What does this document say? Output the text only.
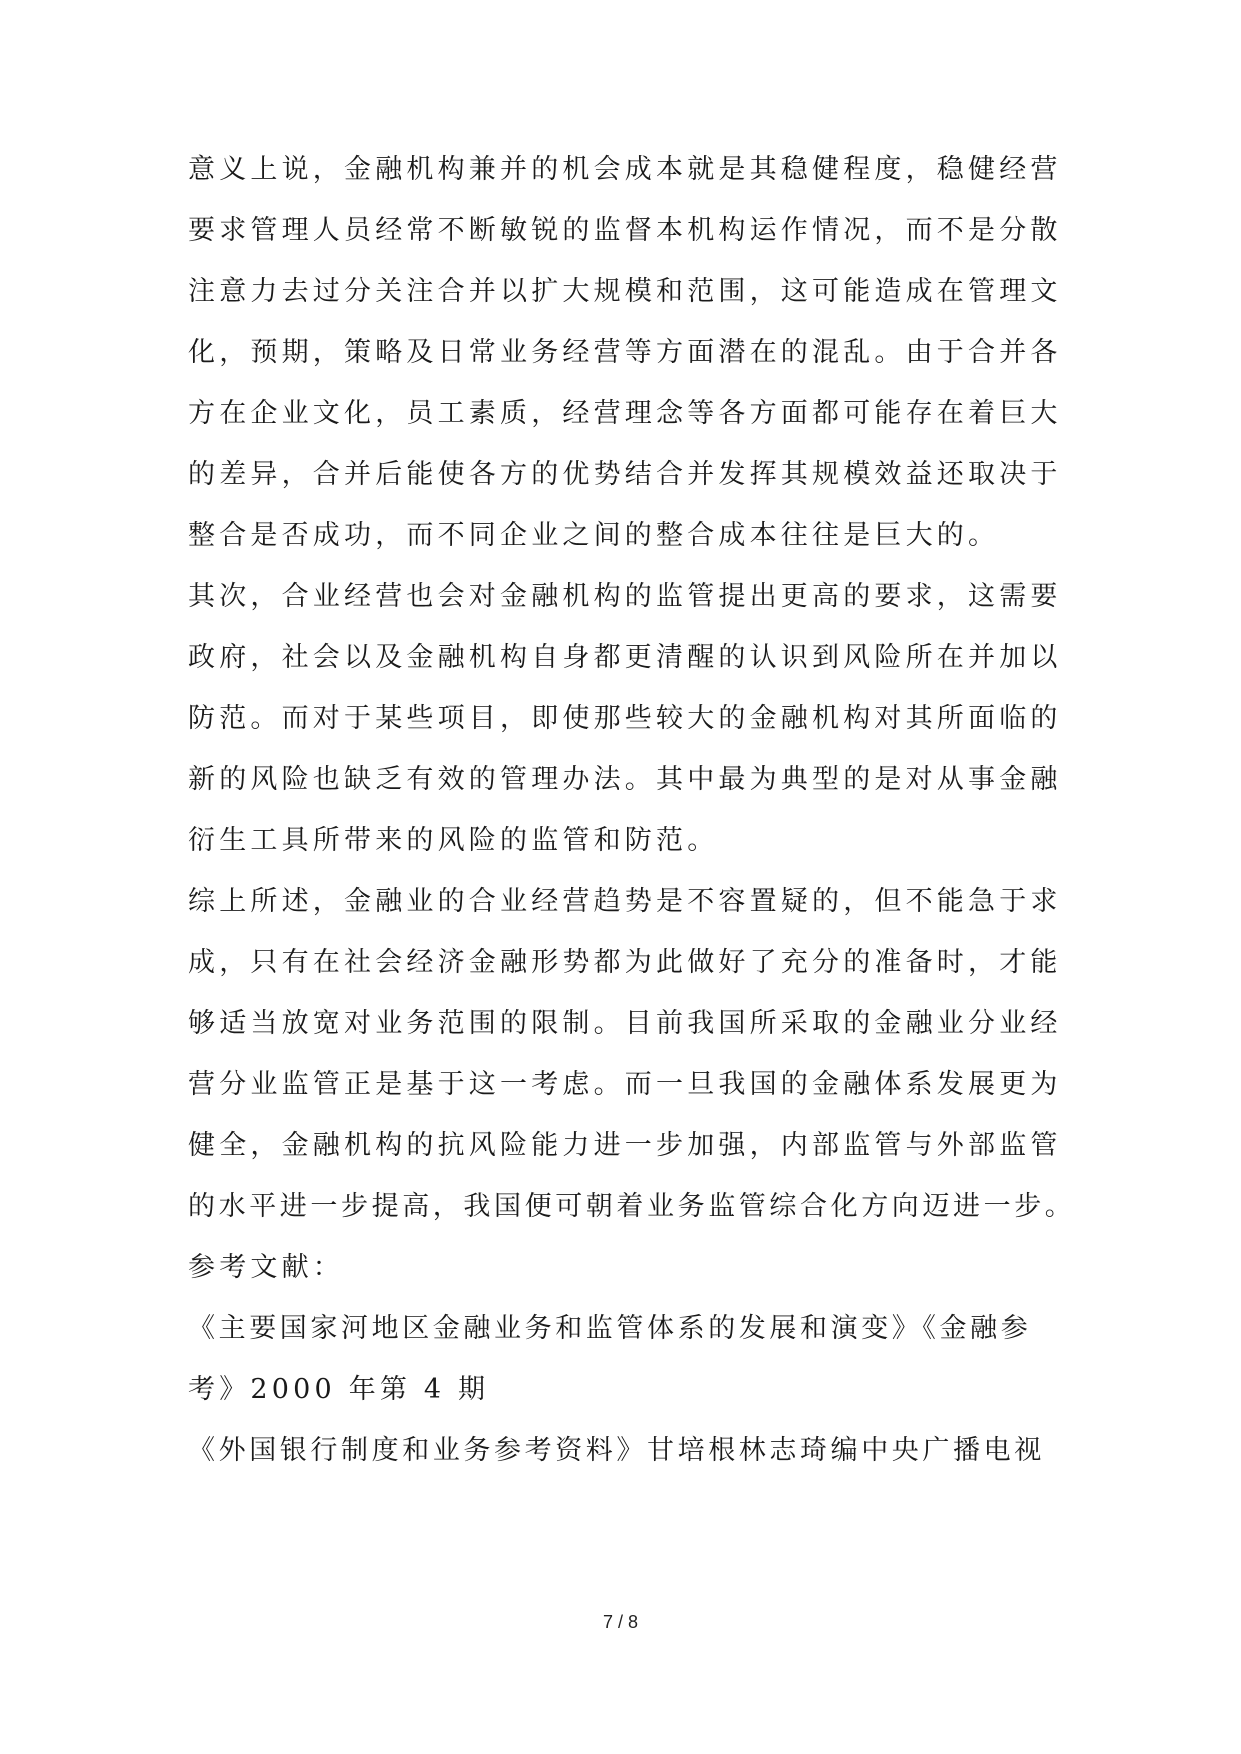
意义上说，金融机构兼并的机会成本就是其稳健程度，稳健经营
要求管理人员经常不断敏锐的监督本机构运作情况，而不是分散
注意力去过分关注合并以扩大规模和范围，这可能造成在管理文
化，预期，策略及日常业务经营等方面潜在的混乱。由于合并各
方在企业文化，员工素质，经营理念等各方面都可能存在着巨大
的差异，合并后能使各方的优势结合并发挥其规模效益还取决于
整合是否成功，而不同企业之间的整合成本往往是巨大的。
其次，合业经营也会对金融机构的监管提出更高的要求，这需要
政府，社会以及金融机构自身都更清醒的认识到风险所在并加以
防范。而对于某些项目，即使那些较大的金融机构对其所面临的
新的风险也缺乏有效的管理办法。其中最为典型的是对从事金融
衍生工具所带来的风险的监管和防范。
综上所述，金融业的合业经营趋势是不容置疑的，但不能急于求
成，只有在社会经济金融形势都为此做好了充分的准备时，才能
够适当放宽对业务范围的限制。目前我国所采取的金融业分业经
营分业监管正是基于这一考虑。而一旦我国的金融体系发展更为
健全，金融机构的抗风险能力进一步加强，内部监管与外部监管
的水平进一步提高，我国便可朝着业务监管综合化方向迈进一步。
参考文献：
《主要国家河地区金融业务和监管体系的发展和演变》《金融参
考》2000 年第 4 期
《外国银行制度和业务参考资料》甘培根林志琦编中央广播电视
7 / 8
